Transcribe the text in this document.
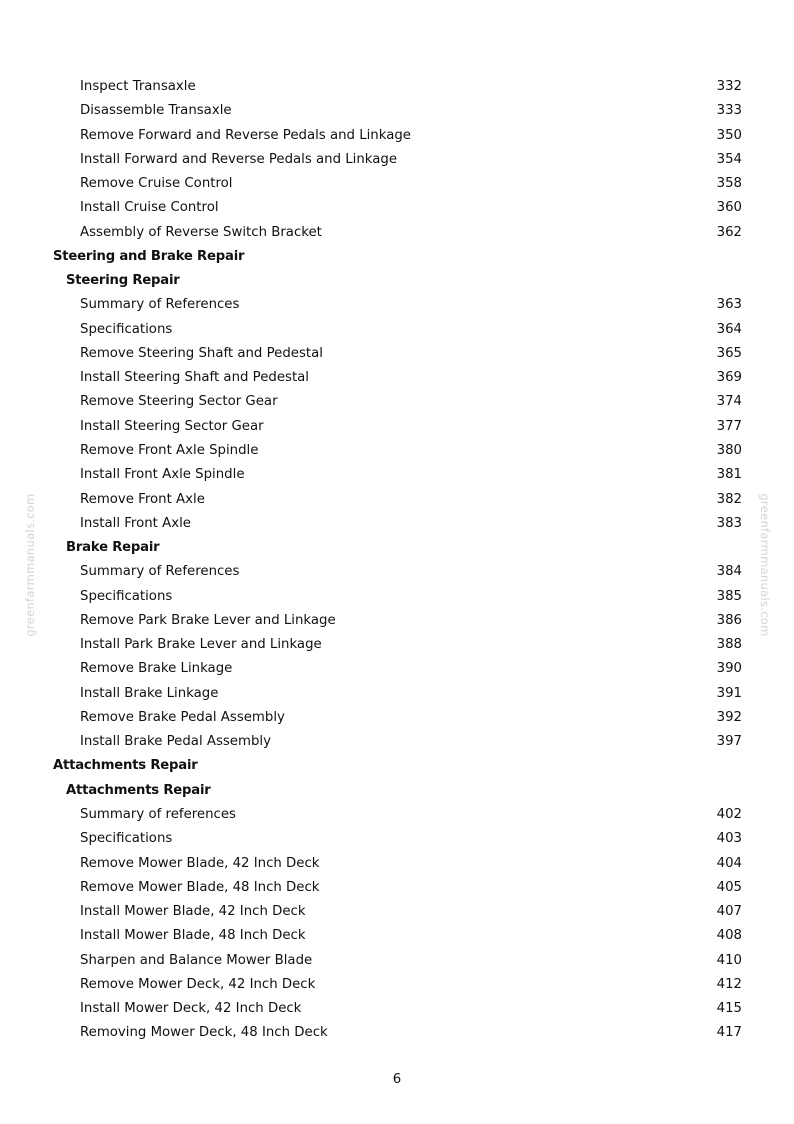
greenfarmmanuals.com	greenfarmmanuals.com
Inspect Transaxle	332
Disassemble Transaxle	333
Remove Forward and Reverse Pedals and Linkage	350
Install Forward and Reverse Pedals and Linkage	354
Remove Cruise Control	358
Install Cruise Control	360
Assembly of Reverse Switch Bracket	362
Steering and Brake Repair
Steering Repair
Summary of References	363
Specifications	364
Remove Steering Shaft and Pedestal	365
Install Steering Shaft and Pedestal	369
Remove Steering Sector Gear	374
Install Steering Sector Gear	377
Remove Front Axle Spindle	380
Install Front Axle Spindle	381
Remove Front Axle	382
Install Front Axle	383
Brake Repair
Summary of References	384
Specifications	385
Remove Park Brake Lever and Linkage	386
Install Park Brake Lever and Linkage	388
Remove Brake Linkage	390
Install Brake Linkage	391
Remove Brake Pedal Assembly	392
Install Brake Pedal Assembly	397
Attachments Repair
Attachments Repair
Summary of references	402
Specifications	403
Remove Mower Blade, 42 Inch Deck	404
Remove Mower Blade, 48 Inch Deck	405
Install Mower Blade, 42 Inch Deck	407
Install Mower Blade, 48 Inch Deck	408
Sharpen and Balance Mower Blade	410
Remove Mower Deck, 42 Inch Deck	412
Install Mower Deck, 42 Inch Deck	415
Removing Mower Deck, 48 Inch Deck	417
6
